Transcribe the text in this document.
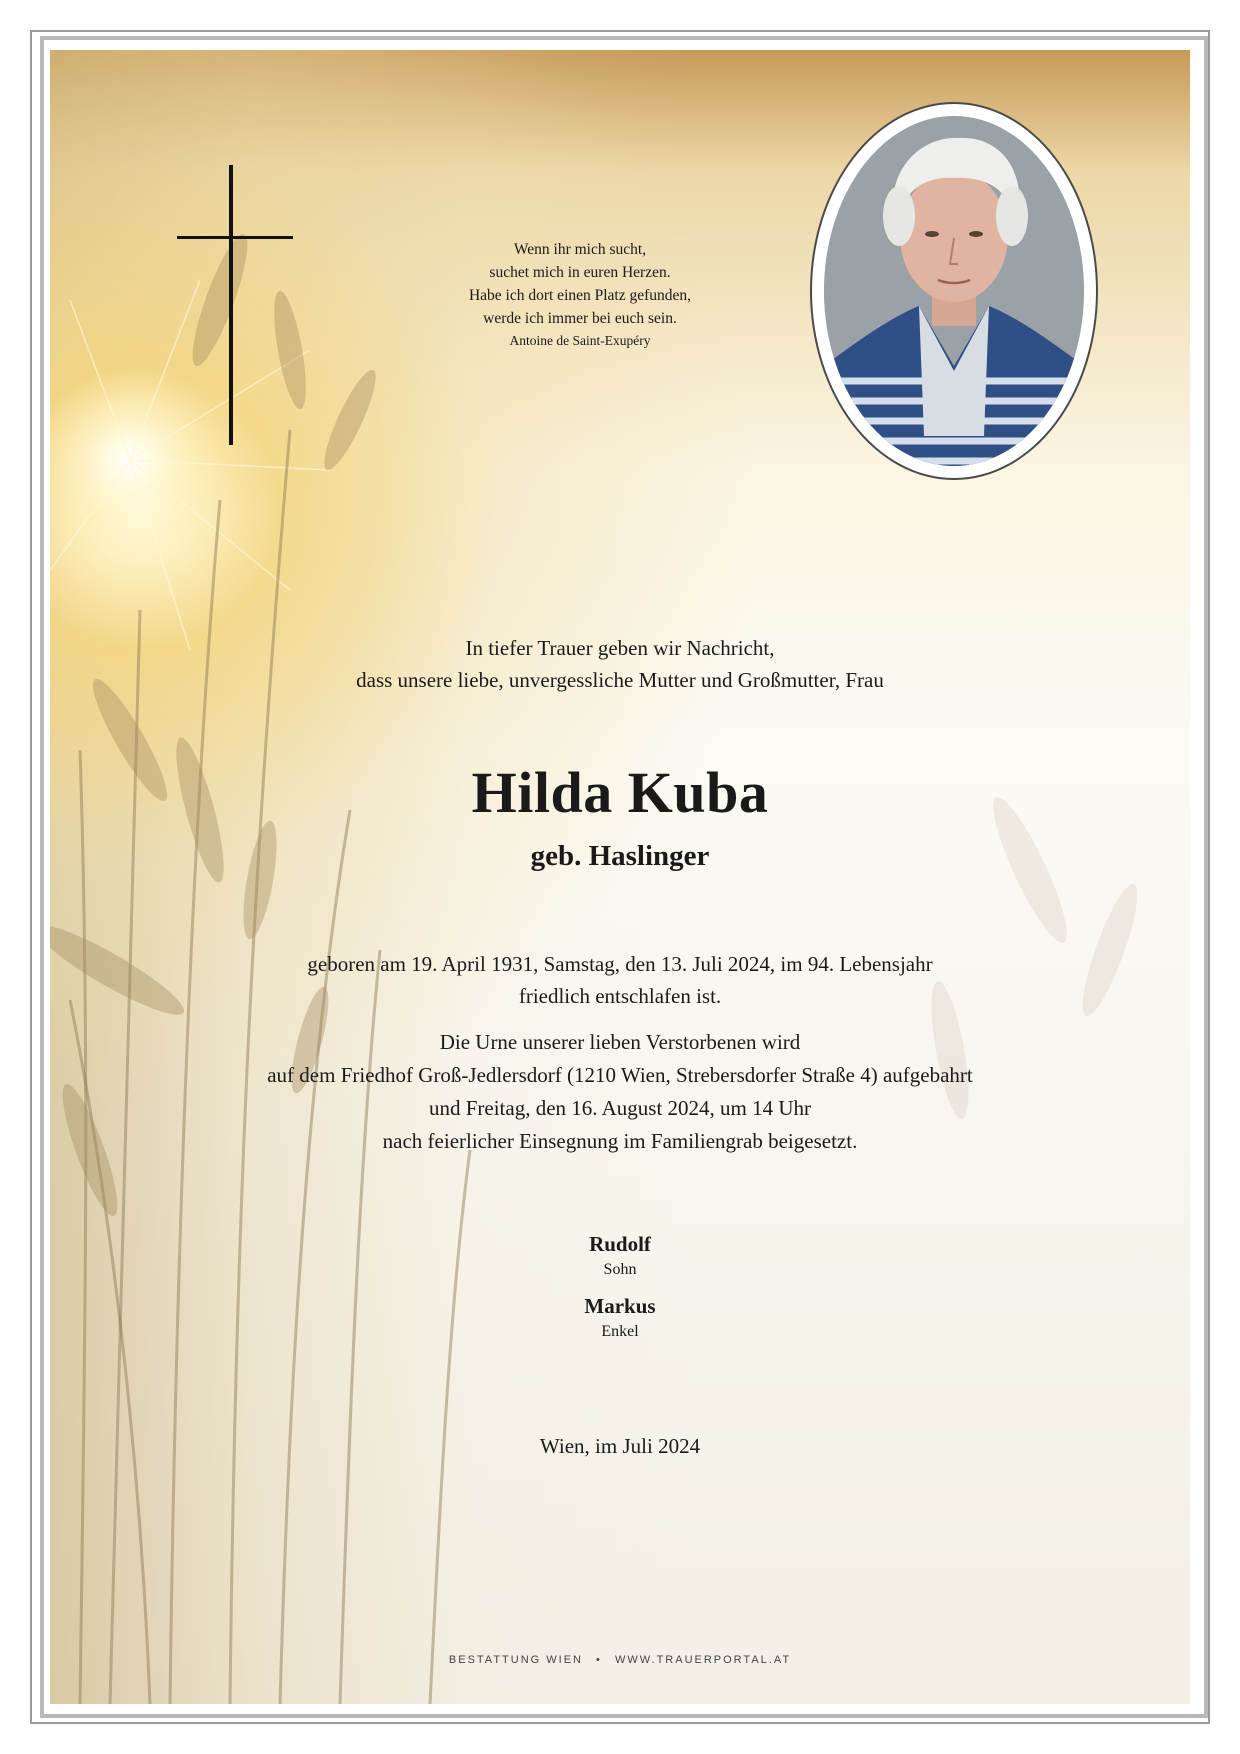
Wenn ihr mich sucht,
suchet mich in euren Herzen.
Habe ich dort einen Platz gefunden,
werde ich immer bei euch sein.
Antoine de Saint-Exupéry
In tiefer Trauer geben wir Nachricht,
dass unsere liebe, unvergessliche Mutter und Großmutter, Frau
Hilda Kuba
geb. Haslinger
geboren am 19. April 1931, Samstag, den 13. Juli 2024, im 94. Lebensjahr
friedlich entschlafen ist.
Die Urne unserer lieben Verstorbenen wird
auf dem Friedhof Groß-Jedlersdorf (1210 Wien, Strebersdorfer Straße 4) aufgebahrt
und Freitag, den 16. August 2024, um 14 Uhr
nach feierlicher Einsegnung im Familiengrab beigesetzt.
Rudolf
Sohn
Markus
Enkel
Wien, im Juli 2024
BESTATTUNG WIEN • WWW.TRAUERPORTAL.AT
